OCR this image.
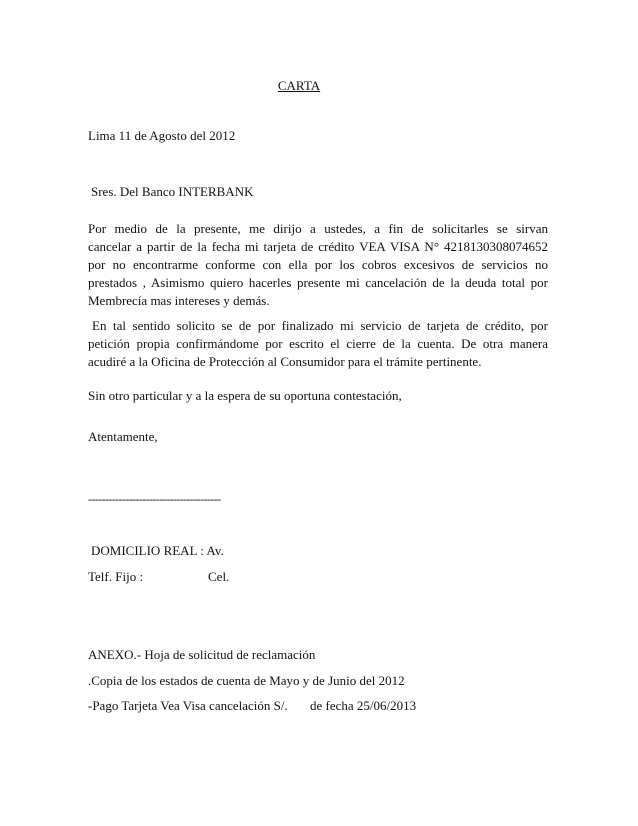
CARTA
Lima 11 de Agosto del 2012
Sres. Del Banco INTERBANK
Por medio de la presente, me dirijo a ustedes, a fin de solicitarles se sirvan
cancelar a partir de la fecha mi tarjeta de crédito VEA VISA N° 4218130308074652
por no encontrarme conforme con ella por los cobros excesivos de servicios no
prestados , Asimismo quiero hacerles presente mi cancelación de la deuda total por
Membrecía mas intereses y demás.
En tal sentido solicito se de por finalizado mi servicio de tarjeta de crédito, por
petición propia confirmándome por escrito el cierre de la cuenta. De otra manera
acudiré a la Oficina de Protección al Consumidor para el trámite pertinente.
Sin otro particular y a la espera de su oportuna contestación,
Atentamente,
---------------------------------------
DOMICILIO REAL : Av.
Telf. Fijo :	Cel.
ANEXO.- Hoja de solicitud de reclamación
.Copia de los estados de cuenta de Mayo y de Junio del 2012
-Pago Tarjeta Vea Visa cancelación S/. de fecha 25/06/2013
